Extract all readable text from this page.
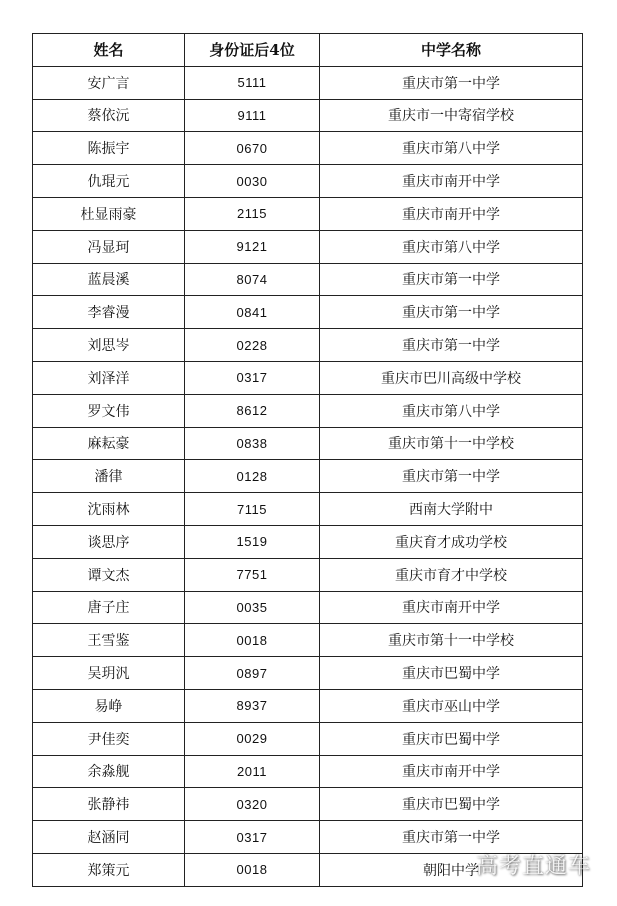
姓名	身份证后4位	中学名称
安广言	5111	重庆市第一中学
蔡依沅	9111	重庆市一中寄宿学校
陈振宇	0670	重庆市第八中学
仇琨元	0030	重庆市南开中学
杜显雨豪	2115	重庆市南开中学
冯显珂	9121	重庆市第八中学
蓝晨溪	8074	重庆市第一中学
李睿漫	0841	重庆市第一中学
刘思岑	0228	重庆市第一中学
刘泽洋	0317	重庆市巴川高级中学校
罗文伟	8612	重庆市第八中学
麻耘豪	0838	重庆市第十一中学校
潘律	0128	重庆市第一中学
沈雨林	7115	西南大学附中
谈思序	1519	重庆育才成功学校
谭文杰	7751	重庆市育才中学校
唐子庄	0035	重庆市南开中学
王雪鉴	0018	重庆市第十一中学校
吴玥汎	0897	重庆市巴蜀中学
易峥	8937	重庆市巫山中学
尹佳奕	0029	重庆市巴蜀中学
余淼舰	2011	重庆市南开中学
张静祎	0320	重庆市巴蜀中学
赵涵同	0317	重庆市第一中学
郑策元	0018	朝阳中学
高考直通车
